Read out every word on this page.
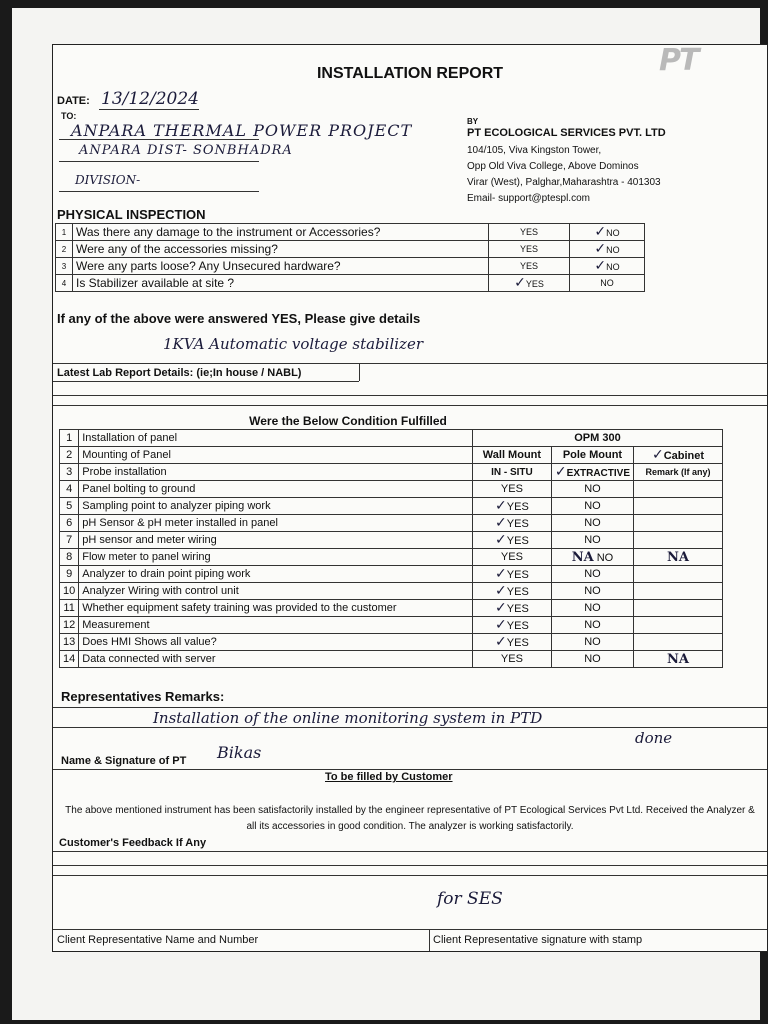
INSTALLATION REPORT	PT
DATE: 13/12/2024
TO:
ANPARA THERMAL POWER PROJECT
ANPARA DIST- SONBHADRA
DIVISION-
BY
PT ECOLOGICAL SERVICES PVT. LTD
104/105, Viva Kingston Tower,
Opp Old Viva College, Above Dominos
Virar (West), Palghar,Maharashtra - 401303
Email- support@ptespl.com
PHYSICAL INSPECTION
1	Was there any damage to the instrument or Accessories?	YES	✓NO
2	Were any of the accessories missing?	YES	✓NO
3	Were any parts loose? Any Unsecured hardware?	YES	✓NO
4	Is Stabilizer available at site ?	✓YES	NO
If any of the above were answered YES, Please give details
1KVA Automatic voltage stabilizer
Latest Lab Report Details: (ie;In house / NABL)
Were the Below Condition Fulfilled
1	Installation of panel	OPM 300		
2	Mounting of Panel	Wall Mount	Pole Mount	✓Cabinet
3	Probe installation	IN - SITU	✓EXTRACTIVE	Remark (If any)
4	Panel bolting to ground	YES	NO	
5	Sampling point to analyzer piping work	✓YES	NO	
6	pH Sensor & pH meter installed in panel	✓YES	NO	
7	pH sensor and meter wiring	✓YES	NO	
8	Flow meter to panel wiring	YES	NA NO	NA
9	Analyzer to drain point piping work	✓YES	NO	
10	Analyzer Wiring with control unit	✓YES	NO	
11	Whether equipment safety training was provided to the customer	✓YES	NO	
12	Measurement	✓YES	NO	
13	Does HMI Shows all value?	✓YES	NO	
14	Data connected with server	YES	NO	NA
Representatives Remarks:
Installation of the online monitoring system in PTD
done
Name & Signature of PT Bikas
To be filled by Customer
The above mentioned instrument has been satisfactorily installed by the engineer representative of PT Ecological Services Pvt Ltd. Received the Analyzer & all its accessories in good condition. The analyzer is working satisfactorily.
Customer's Feedback If Any
for SES
Client Representative Name and Number	Client Representative signature with stamp
